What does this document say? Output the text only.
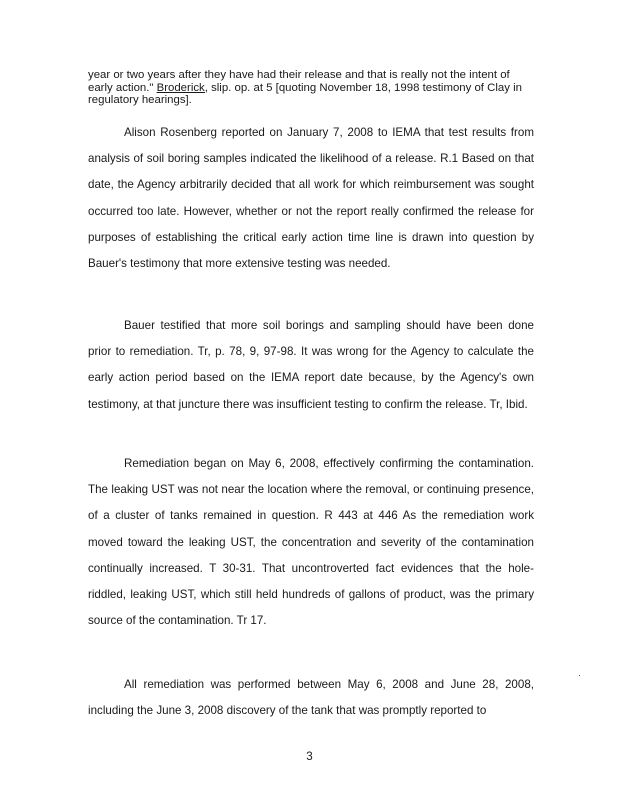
year or two years after they have had their release and that is really not the intent of early action." Broderick, slip. op. at 5 [quoting November 18, 1998 testimony of Clay in regulatory hearings].

Alison Rosenberg reported on January 7, 2008 to IEMA that test results from analysis of soil boring samples indicated the likelihood of a release. R.1 Based on that date, the Agency arbitrarily decided that all work for which reimbursement was sought occurred too late. However, whether or not the report really confirmed the release for purposes of establishing the critical early action time line is drawn into question by Bauer's testimony that more extensive testing was needed.

Bauer testified that more soil borings and sampling should have been done prior to remediation. Tr, p. 78, 9, 97-98. It was wrong for the Agency to calculate the early action period based on the IEMA report date because, by the Agency's own testimony, at that juncture there was insufficient testing to confirm the release. Tr, Ibid.

Remediation began on May 6, 2008, effectively confirming the contamination. The leaking UST was not near the location where the removal, or continuing presence, of a cluster of tanks remained in question. R 443 at 446 As the remediation work moved toward the leaking UST, the concentration and severity of the contamination continually increased. T 30-31. That uncontroverted fact evidences that the hole-riddled, leaking UST, which still held hundreds of gallons of product, was the primary source of the contamination. Tr 17.

All remediation was performed between May 6, 2008 and June 28, 2008, including the June 3, 2008 discovery of the tank that was promptly reported to

3
